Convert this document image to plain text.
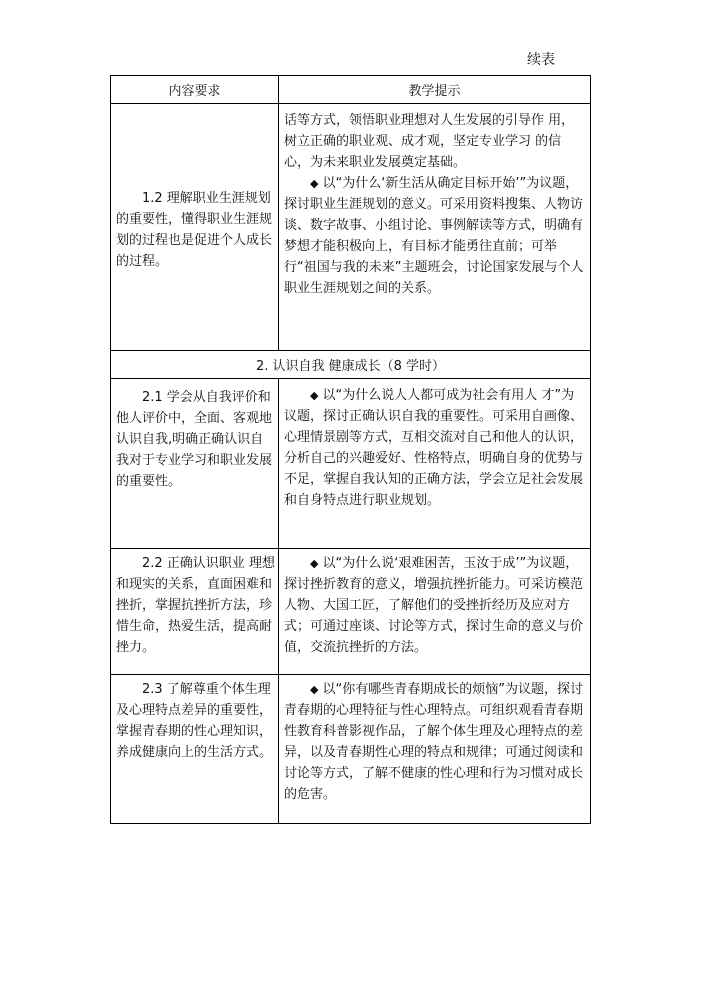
续表
内容要求	教学提示

1.2 理解职业生涯规划的重要性，懂得职业生涯规划的过程也是促进个人成长的过程。	话等方式，领悟职业理想对人生发展的引导作 用，树立正确的职业观、成才观，坚定专业学习 的信心，为未来职业发展奠定基础。

◆ 以“为什么‘新生活从确定目标开始’”为议题，探讨职业生涯规划的意义。可采用资料搜集、人物访谈、数字故事、小组讨论、事例解读等方式，明确有梦想才能积极向上，有目标才能勇往直前；可举行“祖国与我的未来”主题班会，讨论国家发展与个人职业生涯规划之间的关系。

2. 认识自我 健康成长（8 学时）	

2.1 学会从自我评价和他人评价中，全面、客观地认识自我,明确正确认识自我对于专业学习和职业发展的重要性。	◆ 以“为什么说人人都可成为社会有用人 才”为议题，探讨正确认识自我的重要性。可采用自画像、心理情景剧等方式，互相交流对自己和他人的认识，分析自己的兴趣爱好、性格特点，明确自身的优势与不足，掌握自我认知的正确方法，学会立足社会发展和自身特点进行职业规划。

2.2 正确认识职业 理想和现实的关系，直面困难和挫折，掌握抗挫折方法，珍惜生命，热爱生活，提高耐挫力。	◆ 以“为什么说‘艰难困苦，玉汝于成’”为议题，探讨挫折教育的意义，增强抗挫折能力。可采访模范人物、大国工匠，了解他们的受挫折经历及应对方式；可通过座谈、讨论等方式，探讨生命的意义与价值，交流抗挫折的方法。

2.3 了解尊重个体生理及心理特点差异的重要性，掌握青春期的性心理知识，养成健康向上的生活方式。	◆ 以“你有哪些青春期成长的烦恼”为议题，探讨青春期的心理特征与性心理特点。可组织观看青春期性教育科普影视作品，了解个体生理及心理特点的差异，以及青春期性心理的特点和规律；可通过阅读和讨论等方式，了解不健康的性心理和行为习惯对成长的危害。
